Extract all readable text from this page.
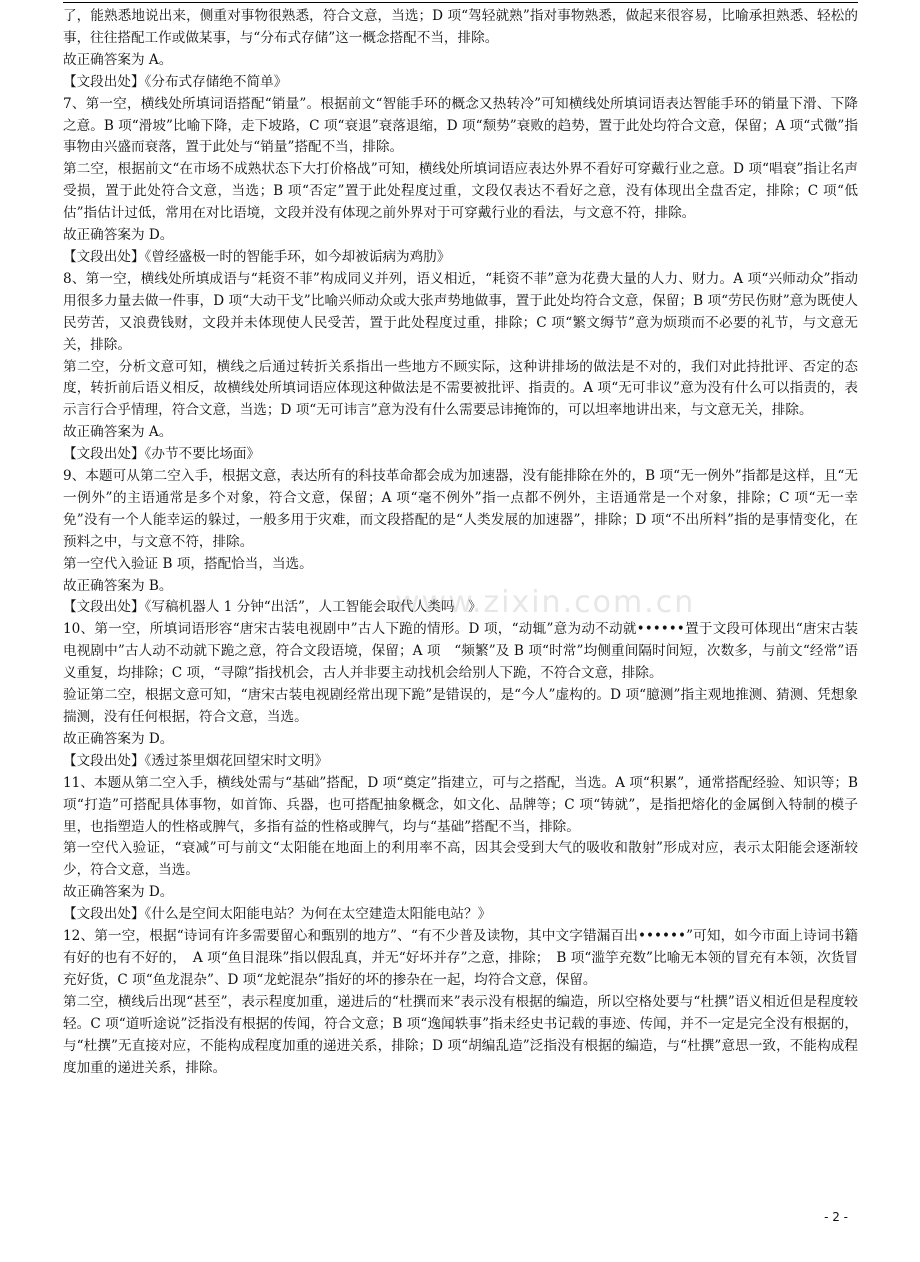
了，能熟悉地说出来，侧重对事物很熟悉，符合文意，当选；D 项“驾轻就熟”指对事物熟悉，做起来很容易，比喻承担熟悉、轻松的事，往往搭配工作或做某事，与“分布式存储”这一概念搭配不当，排除。

故正确答案为 A。

【文段出处】《分布式存储绝不简单》

7、第一空，横线处所填词语搭配“销量”。根据前文“智能手环的概念又热转冷”可知横线处所填词语表达智能手环的销量下滑、下降之意。B 项“滑坡”比喻下降，走下坡路，C 项“衰退”衰落退缩，D 项“颓势”衰败的趋势，置于此处均符合文意，保留；A 项“式微”指事物由兴盛而衰落，置于此处与“销量”搭配不当，排除。

第二空，根据前文“在市场不成熟状态下大打价格战”可知，横线处所填词语应表达外界不看好可穿戴行业之意。D 项“唱衰”指让名声受损，置于此处符合文意，当选；B 项“否定”置于此处程度过重，文段仅表达不看好之意，没有体现出全盘否定，排除；C 项“低估”指估计过低，常用在对比语境，文段并没有体现之前外界对于可穿戴行业的看法，与文意不符，排除。

故正确答案为 D。

【文段出处】《曾经盛极一时的智能手环，如今却被诟病为鸡肋》

8、第一空，横线处所填成语与“耗资不菲”构成同义并列，语义相近，“耗资不菲”意为花费大量的人力、财力。A 项“兴师动众”指动用很多力量去做一件事，D 项“大动干戈”比喻兴师动众或大张声势地做事，置于此处均符合文意，保留；B 项“劳民伤财”意为既使人民劳苦，又浪费钱财，文段并未体现使人民受苦，置于此处程度过重，排除；C 项“繁文缛节”意为烦琐而不必要的礼节，与文意无关，排除。

第二空，分析文意可知，横线之后通过转折关系指出一些地方不顾实际，这种讲排场的做法是不对的，我们对此持批评、否定的态度，转折前后语义相反，故横线处所填词语应体现这种做法是不需要被批评、指责的。A 项“无可非议”意为没有什么可以指责的，表示言行合乎情理，符合文意，当选；D 项“无可讳言”意为没有什么需要忌讳掩饰的，可以坦率地讲出来，与文意无关，排除。

故正确答案为 A。

【文段出处】《办节不要比场面》

9、本题可从第二空入手，根据文意，表达所有的科技革命都会成为加速器，没有能排除在外的，B 项“无一例外”指都是这样，且“无一例外”的主语通常是多个对象，符合文意，保留；A 项“毫不例外”指一点都不例外，主语通常是一个对象，排除；C 项“无一幸免”没有一个人能幸运的躲过，一般多用于灾难，而文段搭配的是“人类发展的加速器”，排除；D 项“不出所料”指的是事情变化，在预料之中，与文意不符，排除。

第一空代入验证 B 项，搭配恰当，当选。

故正确答案为 B。

【文段出处】《写稿机器人 1 分钟“出活”，人工智能会取代人类吗　》

10、第一空，所填词语形容“唐宋古装电视剧中”古人下跪的情形。D 项，“动辄”意为动不动就••••••置于文段可体现出“唐宋古装电视剧中”古人动不动就下跪之意，符合文段语境，保留；A 项　“频繁”及 B 项“时常”均侧重间隔时间短，次数多，与前文“经常”语义重复，均排除；C 项，“寻隙”指找机会，古人并非要主动找机会给别人下跪，不符合文意，排除。

验证第二空，根据文意可知，“唐宋古装电视剧经常出现下跪”是错误的，是“今人”虚构的。D 项“臆测”指主观地推测、猜测、凭想象揣测，没有任何根据，符合文意，当选。

故正确答案为 D。

【文段出处】《透过茶里烟花回望宋时文明》

11、本题从第二空入手，横线处需与“基础”搭配，D 项“奠定”指建立，可与之搭配，当选。A 项“积累”，通常搭配经验、知识等；B 项“打造”可搭配具体事物，如首饰、兵器，也可搭配抽象概念，如文化、品牌等；C 项“铸就”，是指把熔化的金属倒入特制的模子里，也指塑造人的性格或脾气，多指有益的性格或脾气，均与“基础”搭配不当，排除。

第一空代入验证，“衰减”可与前文“太阳能在地面上的利用率不高，因其会受到大气的吸收和散射”形成对应，表示太阳能会逐渐较少，符合文意，当选。

故正确答案为 D。

【文段出处】《什么是空间太阳能电站？为何在太空建造太阳能电站？》

12、第一空，根据“诗词有许多需要留心和甄别的地方”、“有不少普及读物，其中文字错漏百出••••••”可知，如今市面上诗词书籍有好的也有不好的，　A 项“鱼目混珠”指以假乱真，并无“好坏并存”之意，排除；　B 项“滥竽充数”比喻无本领的冒充有本领，次货冒充好货，C 项“鱼龙混杂”、D 项“龙蛇混杂”指好的坏的掺杂在一起，均符合文意，保留。

第二空，横线后出现“甚至”，表示程度加重，递进后的“杜撰而来”表示没有根据的编造，所以空格处要与“杜撰”语义相近但是程度较轻。C 项“道听途说”泛指没有根据的传闻，符合文意；B 项“逸闻轶事”指未经史书记载的事迹、传闻，并不一定是完全没有根据的，与“杜撰”无直接对应，不能构成程度加重的递进关系，排除；D 项“胡编乱造”泛指没有根据的编造，与“杜撰”意思一致，不能构成程度加重的递进关系，排除。

www.zixin.com.cn
- 2 -
